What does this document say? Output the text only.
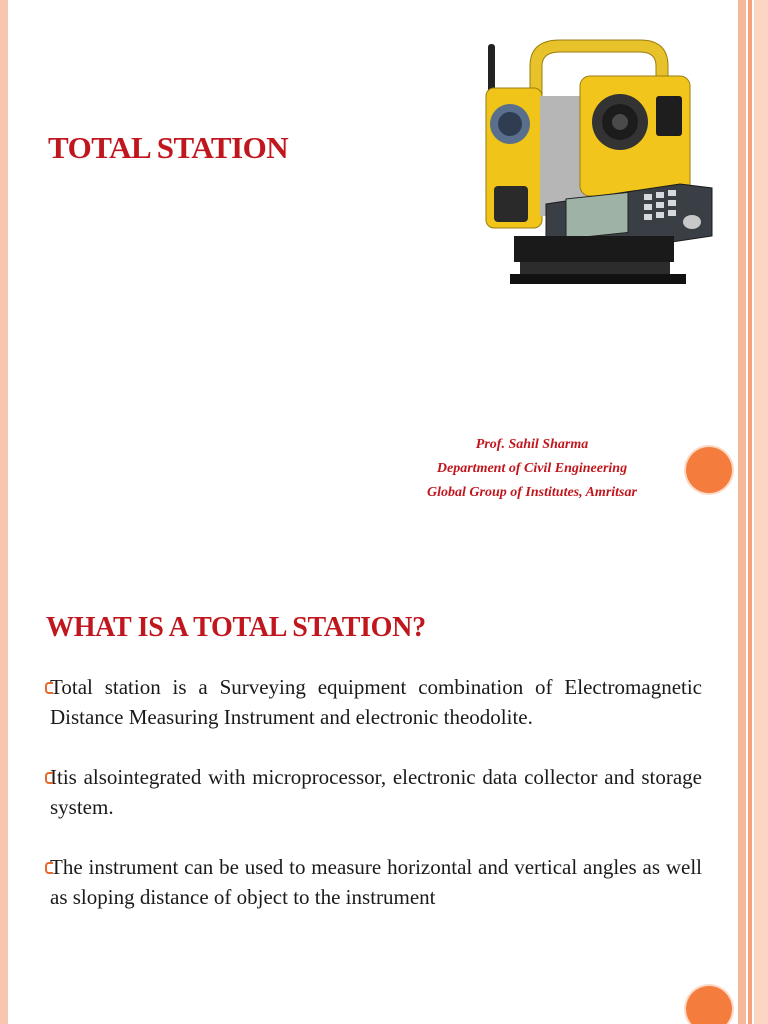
TOTAL STATION
Prof. Sahil Sharma
Department of Civil Engineering
Global Group of Institutes, Amritsar
WHAT IS A TOTAL STATION?
Total station is a Surveying equipment combination of Electromagnetic Distance Measuring Instrument and electronic theodolite.
Itis alsointegrated with microprocessor, electronic data collector and storage system.
The instrument can be used to measure horizontal and vertical angles as well as sloping distance of object to the instrument
